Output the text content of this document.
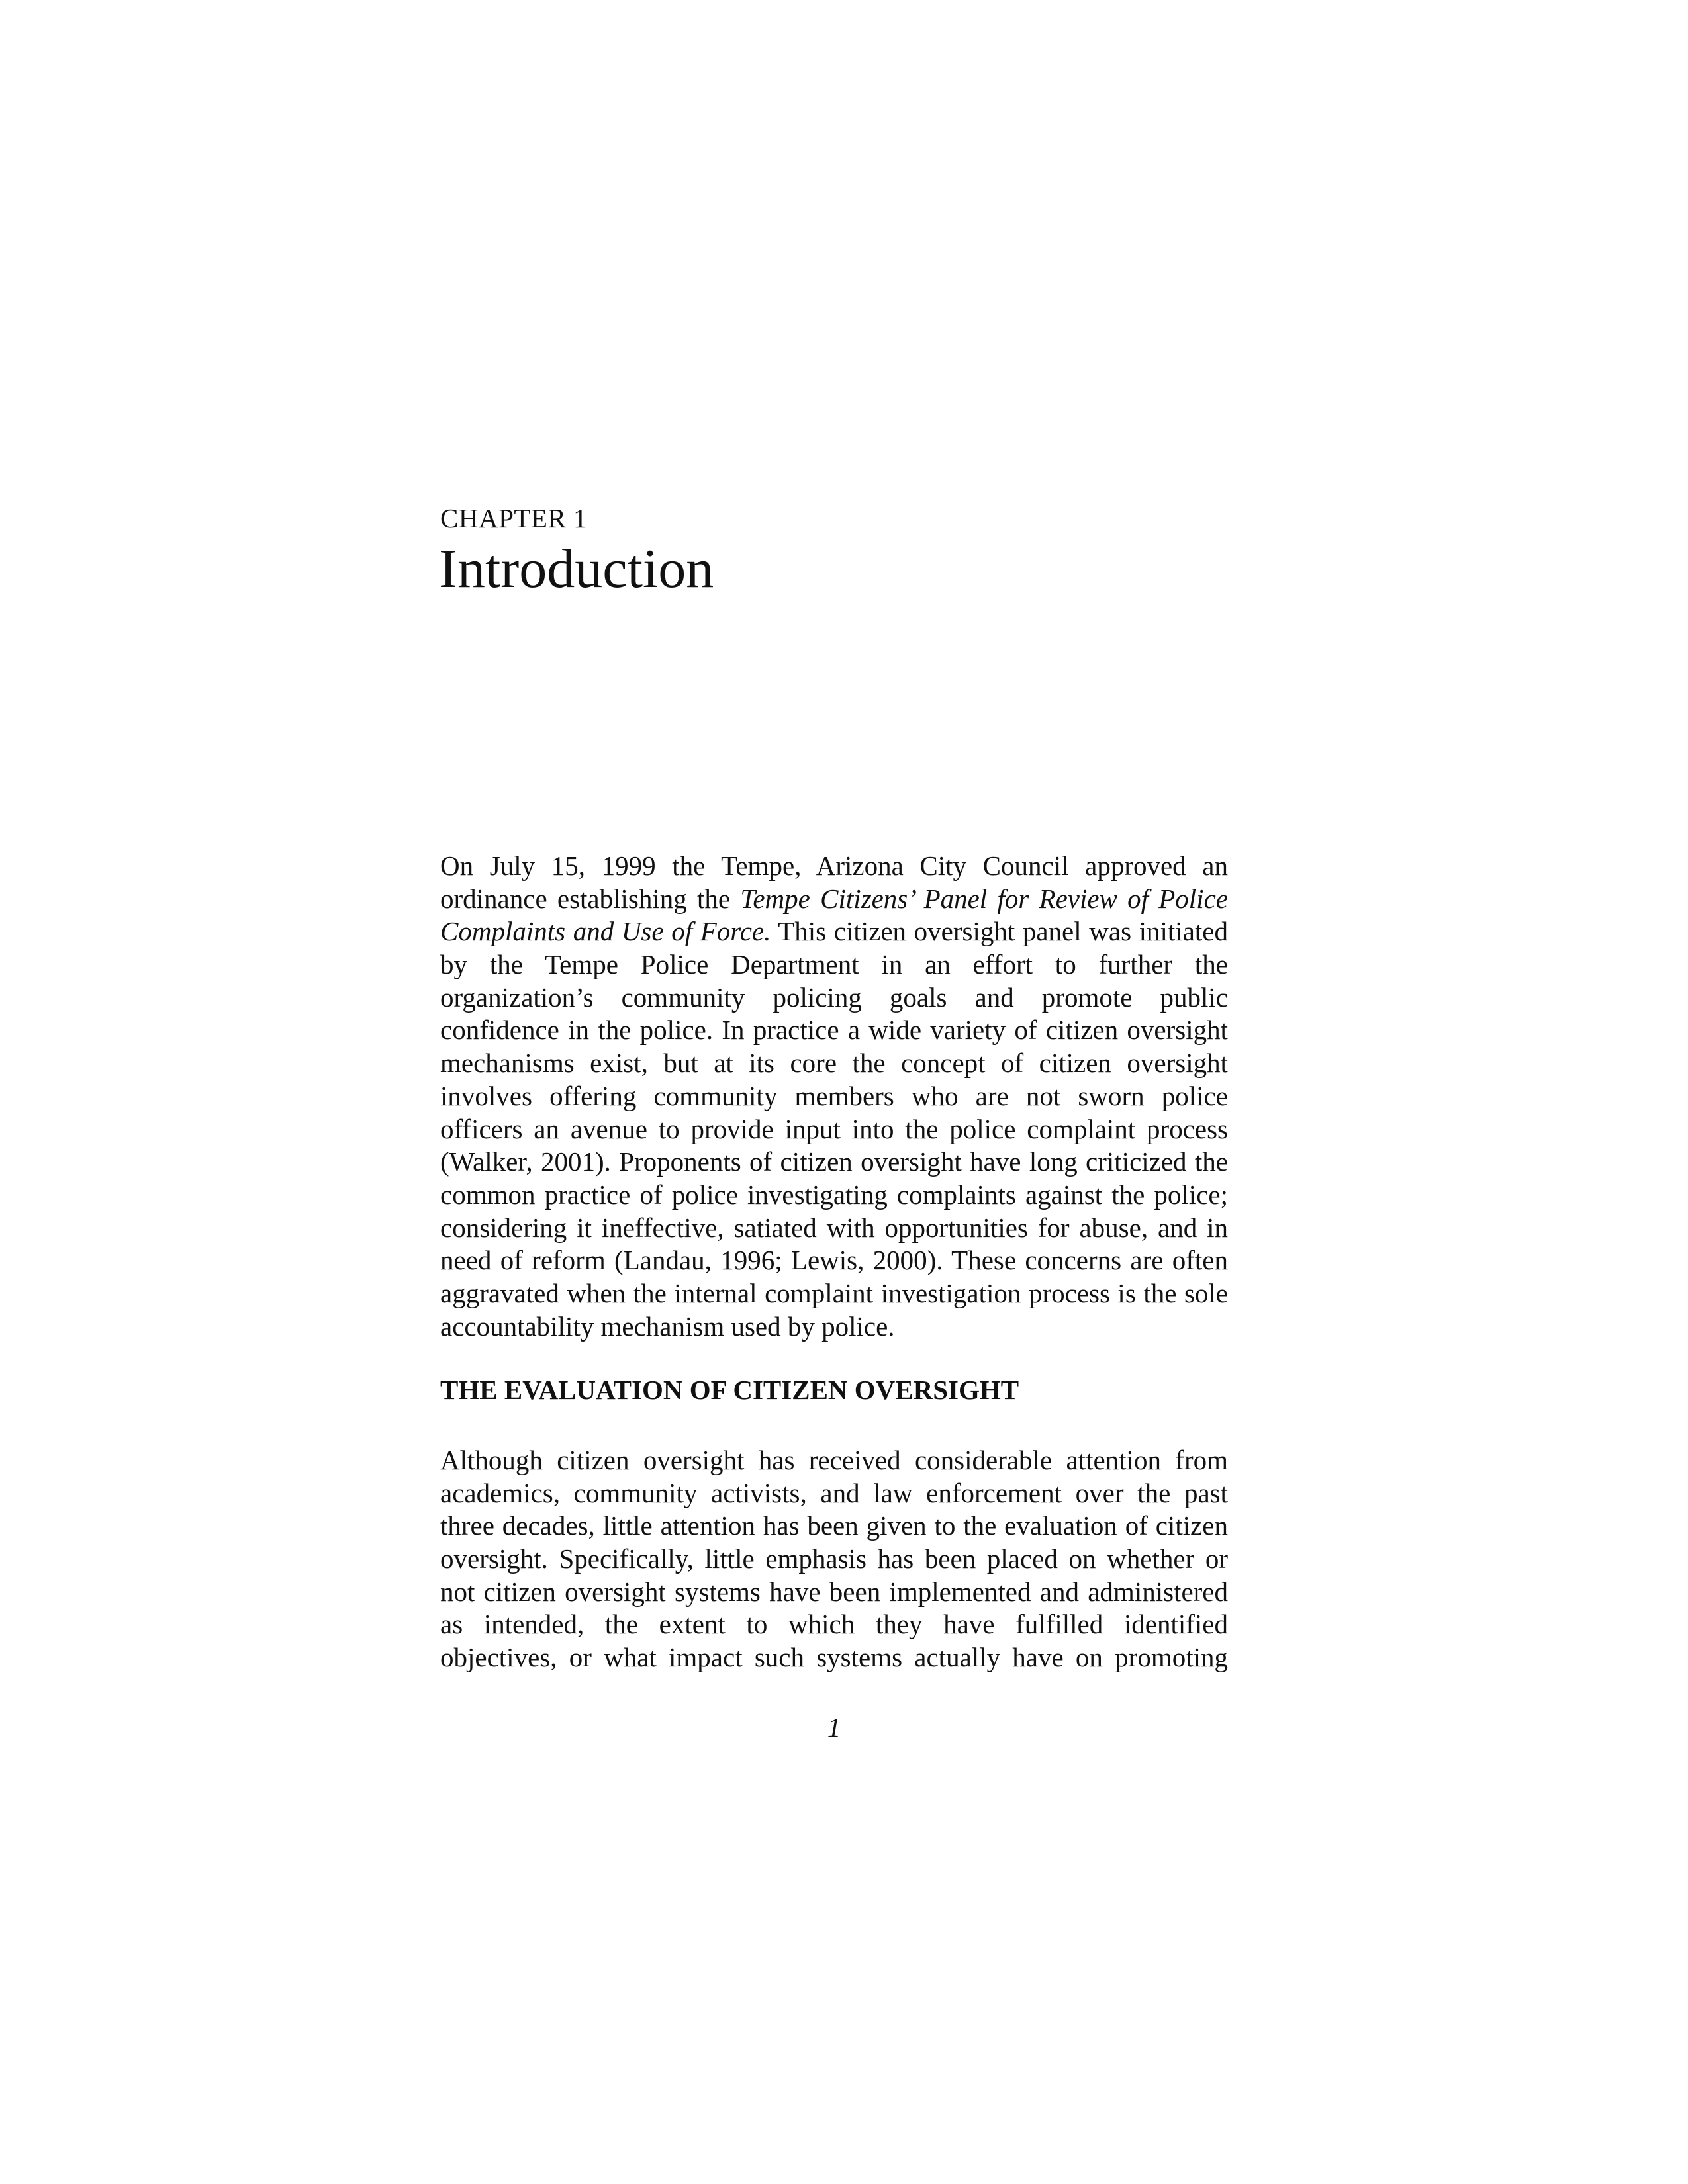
CHAPTER 1
Introduction
On July 15, 1999 the Tempe, Arizona City Council approved an
ordinance establishing the Tempe Citizens’ Panel for Review of Police
Complaints and Use of Force. This citizen oversight panel was initiated
by the Tempe Police Department in an effort to further the
organization’s community policing goals and promote public
confidence in the police. In practice a wide variety of citizen oversight
mechanisms exist, but at its core the concept of citizen oversight
involves offering community members who are not sworn police
officers an avenue to provide input into the police complaint process
(Walker, 2001). Proponents of citizen oversight have long criticized the
common practice of police investigating complaints against the police;
considering it ineffective, satiated with opportunities for abuse, and in
need of reform (Landau, 1996; Lewis, 2000). These concerns are often
aggravated when the internal complaint investigation process is the sole
accountability mechanism used by police.
THE EVALUATION OF CITIZEN OVERSIGHT
Although citizen oversight has received considerable attention from
academics, community activists, and law enforcement over the past
three decades, little attention has been given to the evaluation of citizen
oversight. Specifically, little emphasis has been placed on whether or
not citizen oversight systems have been implemented and administered
as intended, the extent to which they have fulfilled identified
objectives, or what impact such systems actually have on promoting
1
